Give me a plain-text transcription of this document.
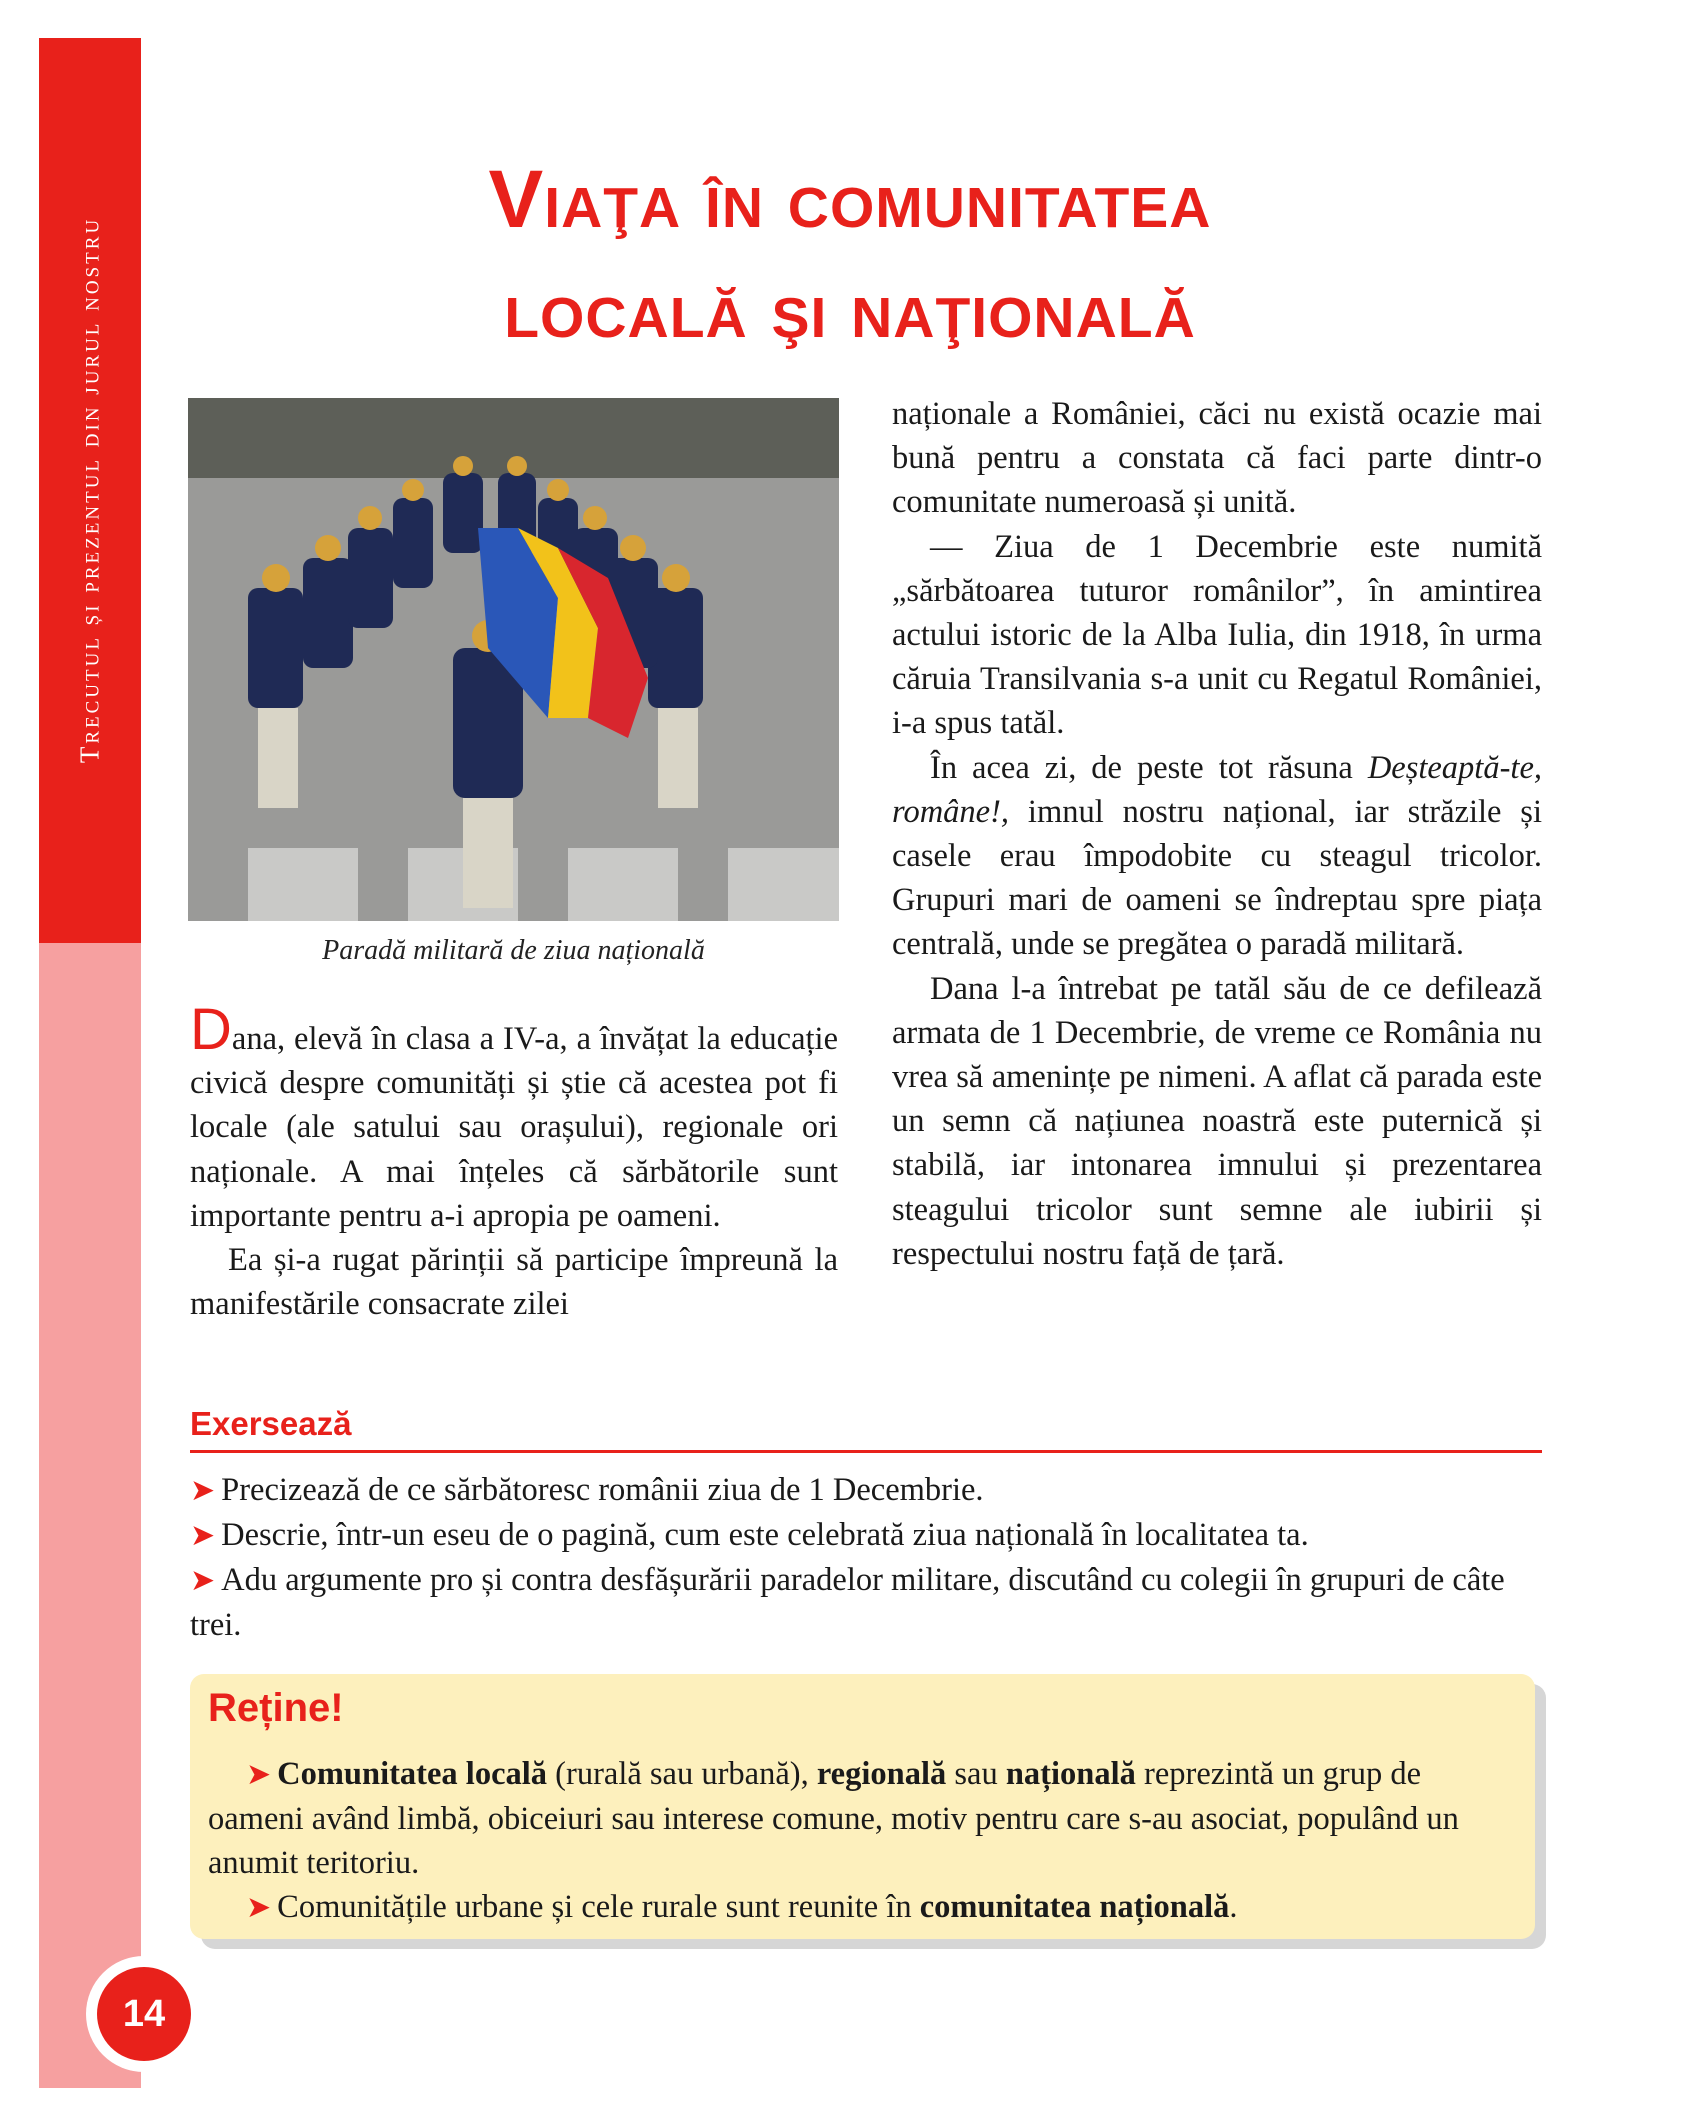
Trecutul și prezentul din jurul nostru
14
Viaţa în comunitatea
locală şi naţională
Paradă militară de ziua națională

Dana, elevă în clasa a IV-a, a învățat la educație civică despre comunități și știe că acestea pot fi locale (ale satului sau orașului), regionale ori naționale. A mai înțeles că sărbătorile sunt importante pentru a-i apropia pe oameni.

Ea și-a rugat părinții să participe împreună la manifestările consacrate zilei

naționale a României, căci nu există ocazie mai bună pentru a constata că faci parte dintr-o comunitate numeroasă și unită.

— Ziua de 1 Decembrie este numită „sărbătoarea tuturor românilor”, în amintirea actului istoric de la Alba Iulia, din 1918, în urma căruia Transilvania s-a unit cu Regatul României, i-a spus tatăl.

În acea zi, de peste tot răsuna Deșteaptă-te, române!, imnul nostru național, iar străzile și casele erau împodobite cu steagul tricolor. Grupuri mari de oameni se îndreptau spre piața centrală, unde se pregătea o paradă militară.

Dana l-a întrebat pe tatăl său de ce defilează armata de 1 Decembrie, de vreme ce România nu vrea să amenințe pe nimeni. A aflat că parada este un semn că națiunea noastră este puternică și stabilă, iar intonarea imnului și prezentarea steagului tricolor sunt semne ale iubirii și respectului nostru față de țară.

Exersează

➤ Precizează de ce sărbătoresc românii ziua de 1 Decembrie.

➤ Descrie, într-un eseu de o pagină, cum este celebrată ziua națională în localitatea ta.

➤ Adu argumente pro și contra desfășurării paradelor militare, discutând cu colegii în grupuri de câte trei.

Reține!

➤ Comunitatea locală (rurală sau urbană), regională sau națională reprezintă un grup de oameni având limbă, obiceiuri sau interese comune, motiv pentru care s-au asociat, populând un anumit teritoriu.

➤ Comunitățile urbane și cele rurale sunt reunite în comunitatea națională.
